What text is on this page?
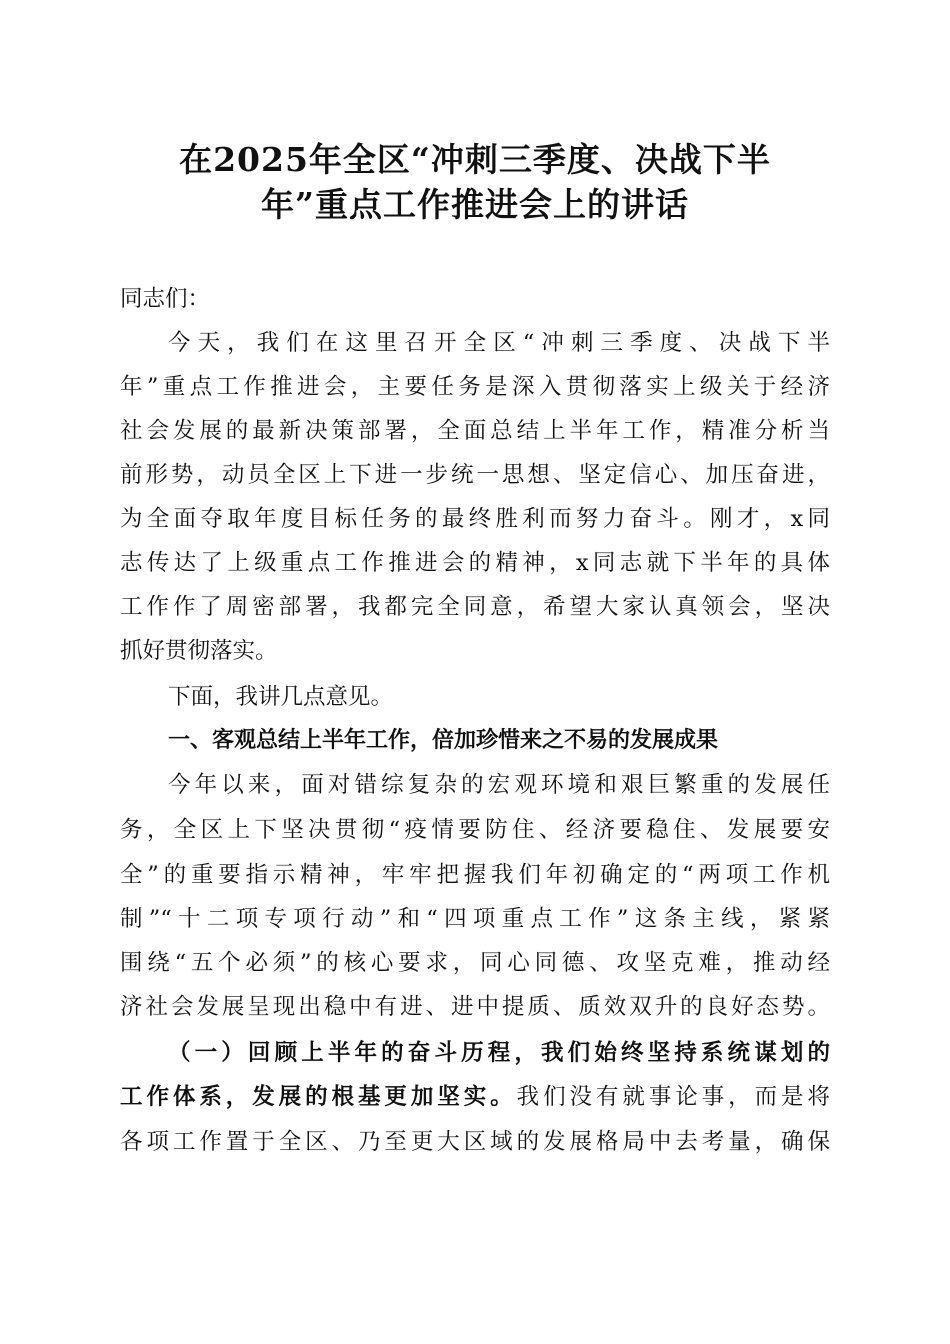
在2025年全区“冲刺三季度、决战下半
年”重点工作推进会上的讲话
同志们：
今天，我们在这里召开全区“冲刺三季度、决战下半
年”重点工作推进会，主要任务是深入贯彻落实上级关于经济
社会发展的最新决策部署，全面总结上半年工作，精准分析当
前形势，动员全区上下进一步统一思想、坚定信心、加压奋进，
为全面夺取年度目标任务的最终胜利而努力奋斗。刚才，x同
志传达了上级重点工作推进会的精神，x同志就下半年的具体
工作作了周密部署，我都完全同意，希望大家认真领会，坚决
抓好贯彻落实。
下面，我讲几点意见。
一、客观总结上半年工作，倍加珍惜来之不易的发展成果
今年以来，面对错综复杂的宏观环境和艰巨繁重的发展任
务，全区上下坚决贯彻“疫情要防住、经济要稳住、发展要安
全”的重要指示精神，牢牢把握我们年初确定的“两项工作机
制”“十二项专项行动”和“四项重点工作”这条主线，紧紧
围绕“五个必须”的核心要求，同心同德、攻坚克难，推动经
济社会发展呈现出稳中有进、进中提质、质效双升的良好态势。
（一）回顾上半年的奋斗历程，我们始终坚持系统谋划的
工作体系，发展的根基更加坚实。我们没有就事论事，而是将
各项工作置于全区、乃至更大区域的发展格局中去考量，确保
